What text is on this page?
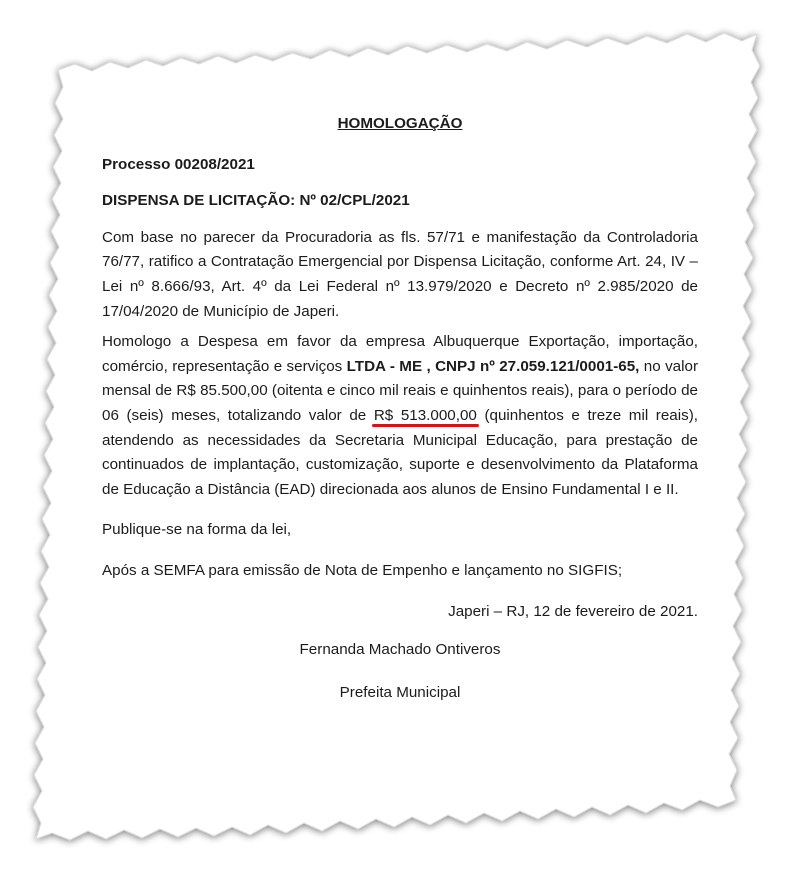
HOMOLOGAÇÃO

Processo 00208/2021

DISPENSA DE LICITAÇÃO: Nº 02/CPL/2021

Com base no parecer da Procuradoria as fls. 57/71 e manifestação da Controladoria 76/77, ratifico a Contratação Emergencial por Dispensa Licitação, conforme Art. 24, IV – Lei nº 8.666/93, Art. 4º da Lei Federal nº 13.979/2020 e Decreto nº 2.985/2020 de 17/04/2020 de Município de Japeri.

Homologo a Despesa em favor da empresa Albuquerque Exportação, importação, comércio, representação e serviços LTDA - ME , CNPJ nº 27.059.121/0001-65, no valor mensal de R$ 85.500,00 (oitenta e cinco mil reais e quinhentos reais), para o período de 06 (seis) meses, totalizando valor de R$ 513.000,00
(quinhentos e treze mil reais), atendendo as necessidades da Secretaria Municipal Educação, para prestação de continuados de implantação, customização, suporte e desenvolvimento da Plataforma de Educação a Distância (EAD) direcionada aos alunos de Ensino Fundamental I e II.

Publique-se na forma da lei,

Após a SEMFA para emissão de Nota de Empenho e lançamento no SIGFIS;

Japeri – RJ, 12 de fevereiro de 2021.

Fernanda Machado Ontiveros

Prefeita Municipal
